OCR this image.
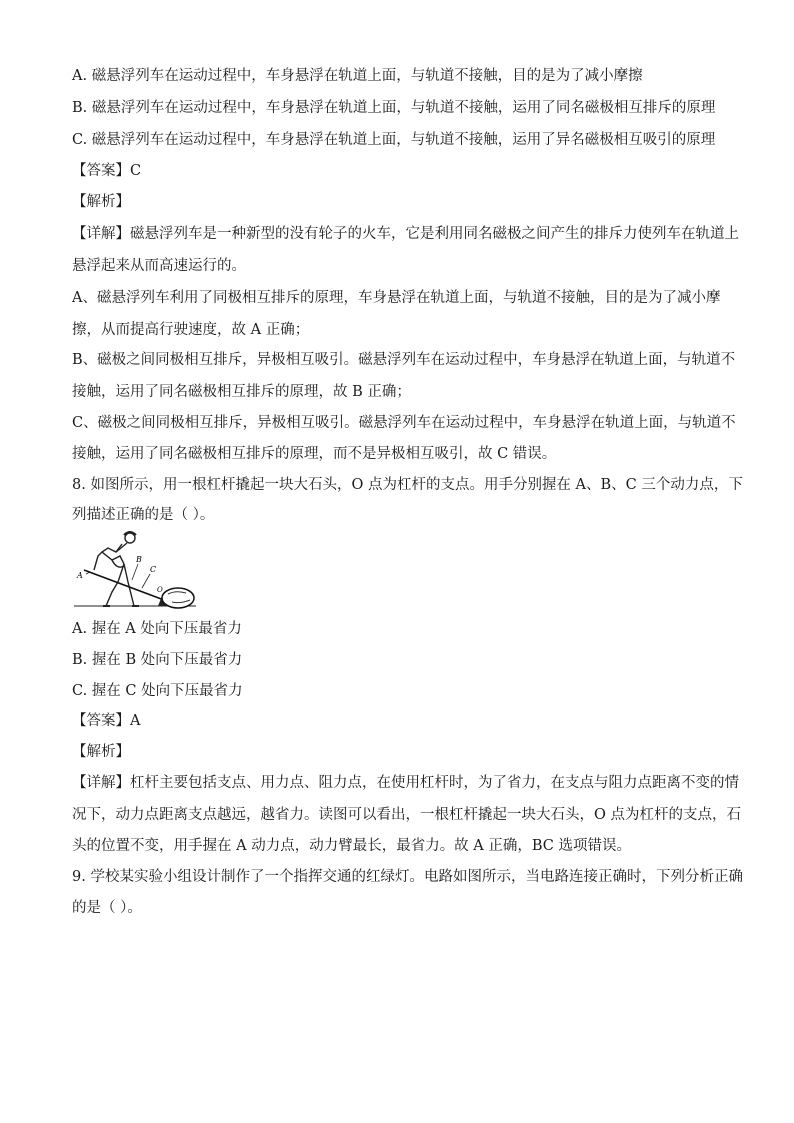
A. 磁悬浮列车在运动过程中，车身悬浮在轨道上面，与轨道不接触，目的是为了减小摩擦
B. 磁悬浮列车在运动过程中，车身悬浮在轨道上面，与轨道不接触，运用了同名磁极相互排斥的原理
C. 磁悬浮列车在运动过程中，车身悬浮在轨道上面，与轨道不接触，运用了异名磁极相互吸引的原理
【答案】C
【解析】
【详解】磁悬浮列车是一种新型的没有轮子的火车，它是利用同名磁极之间产生的排斥力使列车在轨道上
悬浮起来从而高速运行的。
A、磁悬浮列车利用了同极相互排斥的原理，车身悬浮在轨道上面，与轨道不接触，目的是为了减小摩
擦，从而提高行驶速度，故 A 正确；
B、磁极之间同极相互排斥，异极相互吸引。磁悬浮列车在运动过程中，车身悬浮在轨道上面，与轨道不
接触，运用了同名磁极相互排斥的原理，故 B 正确；
C、磁极之间同极相互排斥，异极相互吸引。磁悬浮列车在运动过程中，车身悬浮在轨道上面，与轨道不
接触，运用了同名磁极相互排斥的原理，而不是异极相互吸引，故 C 错误。
8. 如图所示，用一根杠杆撬起一块大石头，O 点为杠杆的支点。用手分别握在 A、B、C 三个动力点，下
列描述正确的是（ ）。
A
B
C
O
A. 握在 A 处向下压最省力
B. 握在 B 处向下压最省力
C. 握在 C 处向下压最省力
【答案】A
【解析】
【详解】杠杆主要包括支点、用力点、阻力点，在使用杠杆时，为了省力，在支点与阻力点距离不变的情
况下，动力点距离支点越远，越省力。读图可以看出，一根杠杆撬起一块大石头，O 点为杠杆的支点，石
头的位置不变，用手握在 A 动力点，动力臂最长，最省力。故 A 正确，BC 选项错误。
9. 学校某实验小组设计制作了一个指挥交通的红绿灯。电路如图所示，当电路连接正确时，下列分析正确
的是（ ）。
